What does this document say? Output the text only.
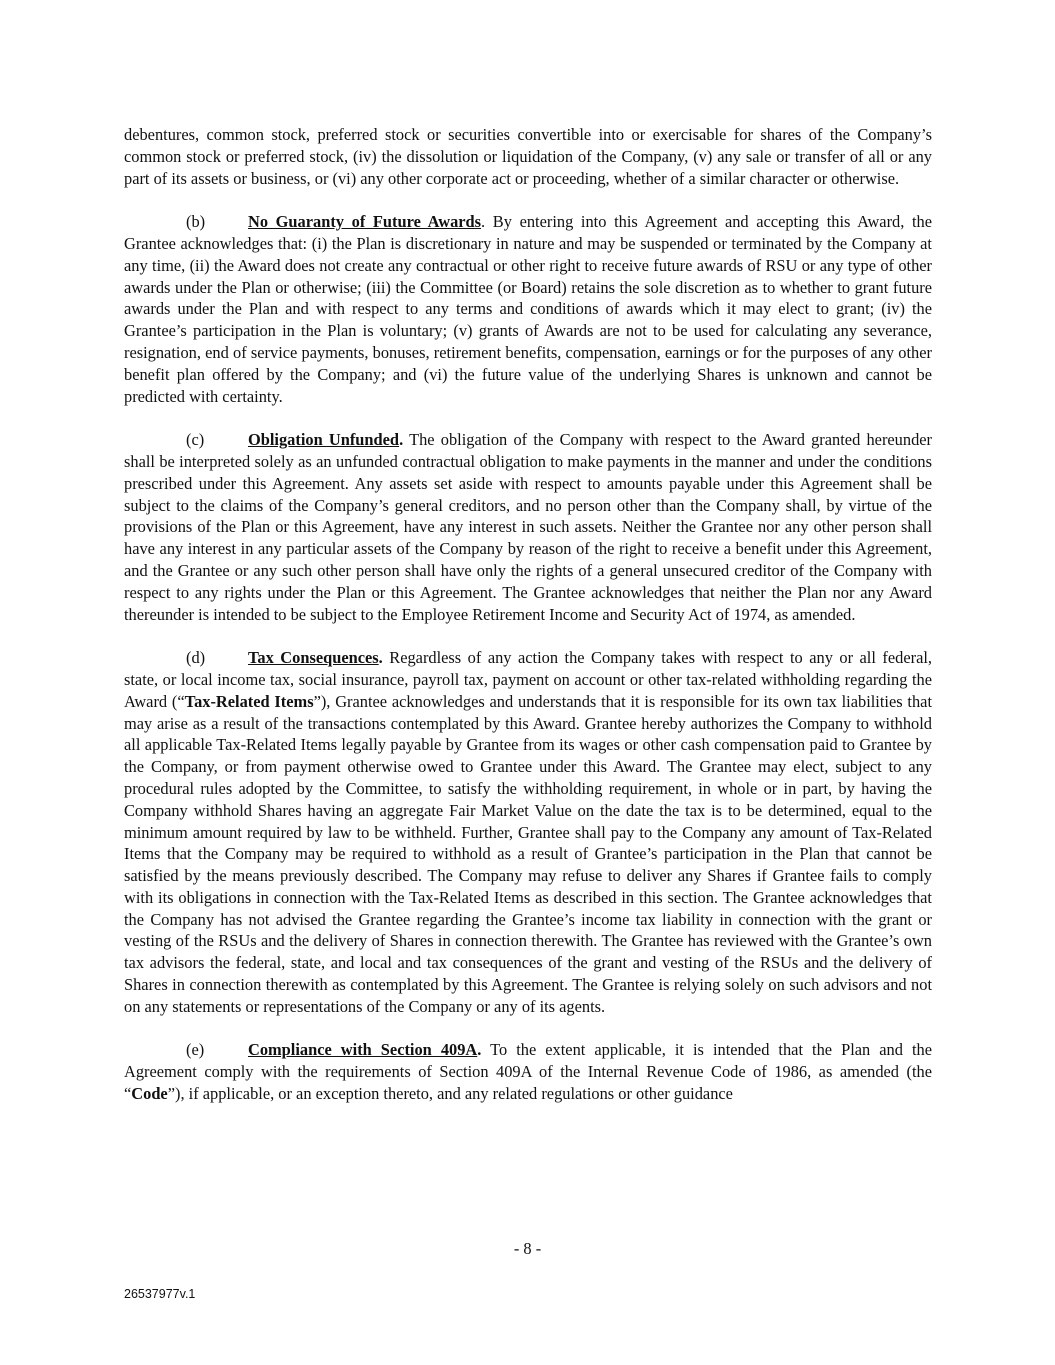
debentures, common stock, preferred stock or securities convertible into or exercisable for shares of the Company’s common stock or preferred stock, (iv) the dissolution or liquidation of the Company, (v) any sale or transfer of all or any part of its assets or business, or (vi) any other corporate act or proceeding, whether of a similar character or otherwise.

(b)	No Guaranty of Future Awards. By entering into this Agreement and accepting this Award, the Grantee acknowledges that: (i) the Plan is discretionary in nature and may be suspended or terminated by the Company at any time, (ii) the Award does not create any contractual or other right to receive future awards of RSU or any type of other awards under the Plan or otherwise; (iii) the Committee (or Board) retains the sole discretion as to whether to grant future awards under the Plan and with respect to any terms and conditions of awards which it may elect to grant; (iv) the Grantee’s participation in the Plan is voluntary; (v) grants of Awards are not to be used for calculating any severance, resignation, end of service payments, bonuses, retirement benefits, compensation, earnings or for the purposes of any other benefit plan offered by the Company; and (vi) the future value of the underlying Shares is unknown and cannot be predicted with certainty.

(c)	Obligation Unfunded. The obligation of the Company with respect to the Award granted hereunder shall be interpreted solely as an unfunded contractual obligation to make payments in the manner and under the conditions prescribed under this Agreement. Any assets set aside with respect to amounts payable under this Agreement shall be subject to the claims of the Company’s general creditors, and no person other than the Company shall, by virtue of the provisions of the Plan or this Agreement, have any interest in such assets. Neither the Grantee nor any other person shall have any interest in any particular assets of the Company by reason of the right to receive a benefit under this Agreement, and the Grantee or any such other person shall have only the rights of a general unsecured creditor of the Company with respect to any rights under the Plan or this Agreement. The Grantee acknowledges that neither the Plan nor any Award thereunder is intended to be subject to the Employee Retirement Income and Security Act of 1974, as amended.

(d)	Tax Consequences. Regardless of any action the Company takes with respect to any or all federal, state, or local income tax, social insurance, payroll tax, payment on account or other tax-related withholding regarding the Award (“Tax-Related Items”), Grantee acknowledges and understands that it is responsible for its own tax liabilities that may arise as a result of the transactions contemplated by this Award. Grantee hereby authorizes the Company to withhold all applicable Tax-Related Items legally payable by Grantee from its wages or other cash compensation paid to Grantee by the Company, or from payment otherwise owed to Grantee under this Award. The Grantee may elect, subject to any procedural rules adopted by the Committee, to satisfy the withholding requirement, in whole or in part, by having the Company withhold Shares having an aggregate Fair Market Value on the date the tax is to be determined, equal to the minimum amount required by law to be withheld. Further, Grantee shall pay to the Company any amount of Tax-Related Items that the Company may be required to withhold as a result of Grantee’s participation in the Plan that cannot be satisfied by the means previously described. The Company may refuse to deliver any Shares if Grantee fails to comply with its obligations in connection with the Tax-Related Items as described in this section. The Grantee acknowledges that the Company has not advised the Grantee regarding the Grantee’s income tax liability in connection with the grant or vesting of the RSUs and the delivery of Shares in connection therewith. The Grantee has reviewed with the Grantee’s own tax advisors the federal, state, and local and tax consequences of the grant and vesting of the RSUs and the delivery of Shares in connection therewith as contemplated by this Agreement. The Grantee is relying solely on such advisors and not on any statements or representations of the Company or any of its agents.

(e)	Compliance with Section 409A. To the extent applicable, it is intended that the Plan and the Agreement comply with the requirements of Section 409A of the Internal Revenue Code of 1986, as amended (the “Code”), if applicable, or an exception thereto, and any related regulations or other guidance

- 8 -
26537977v.1
